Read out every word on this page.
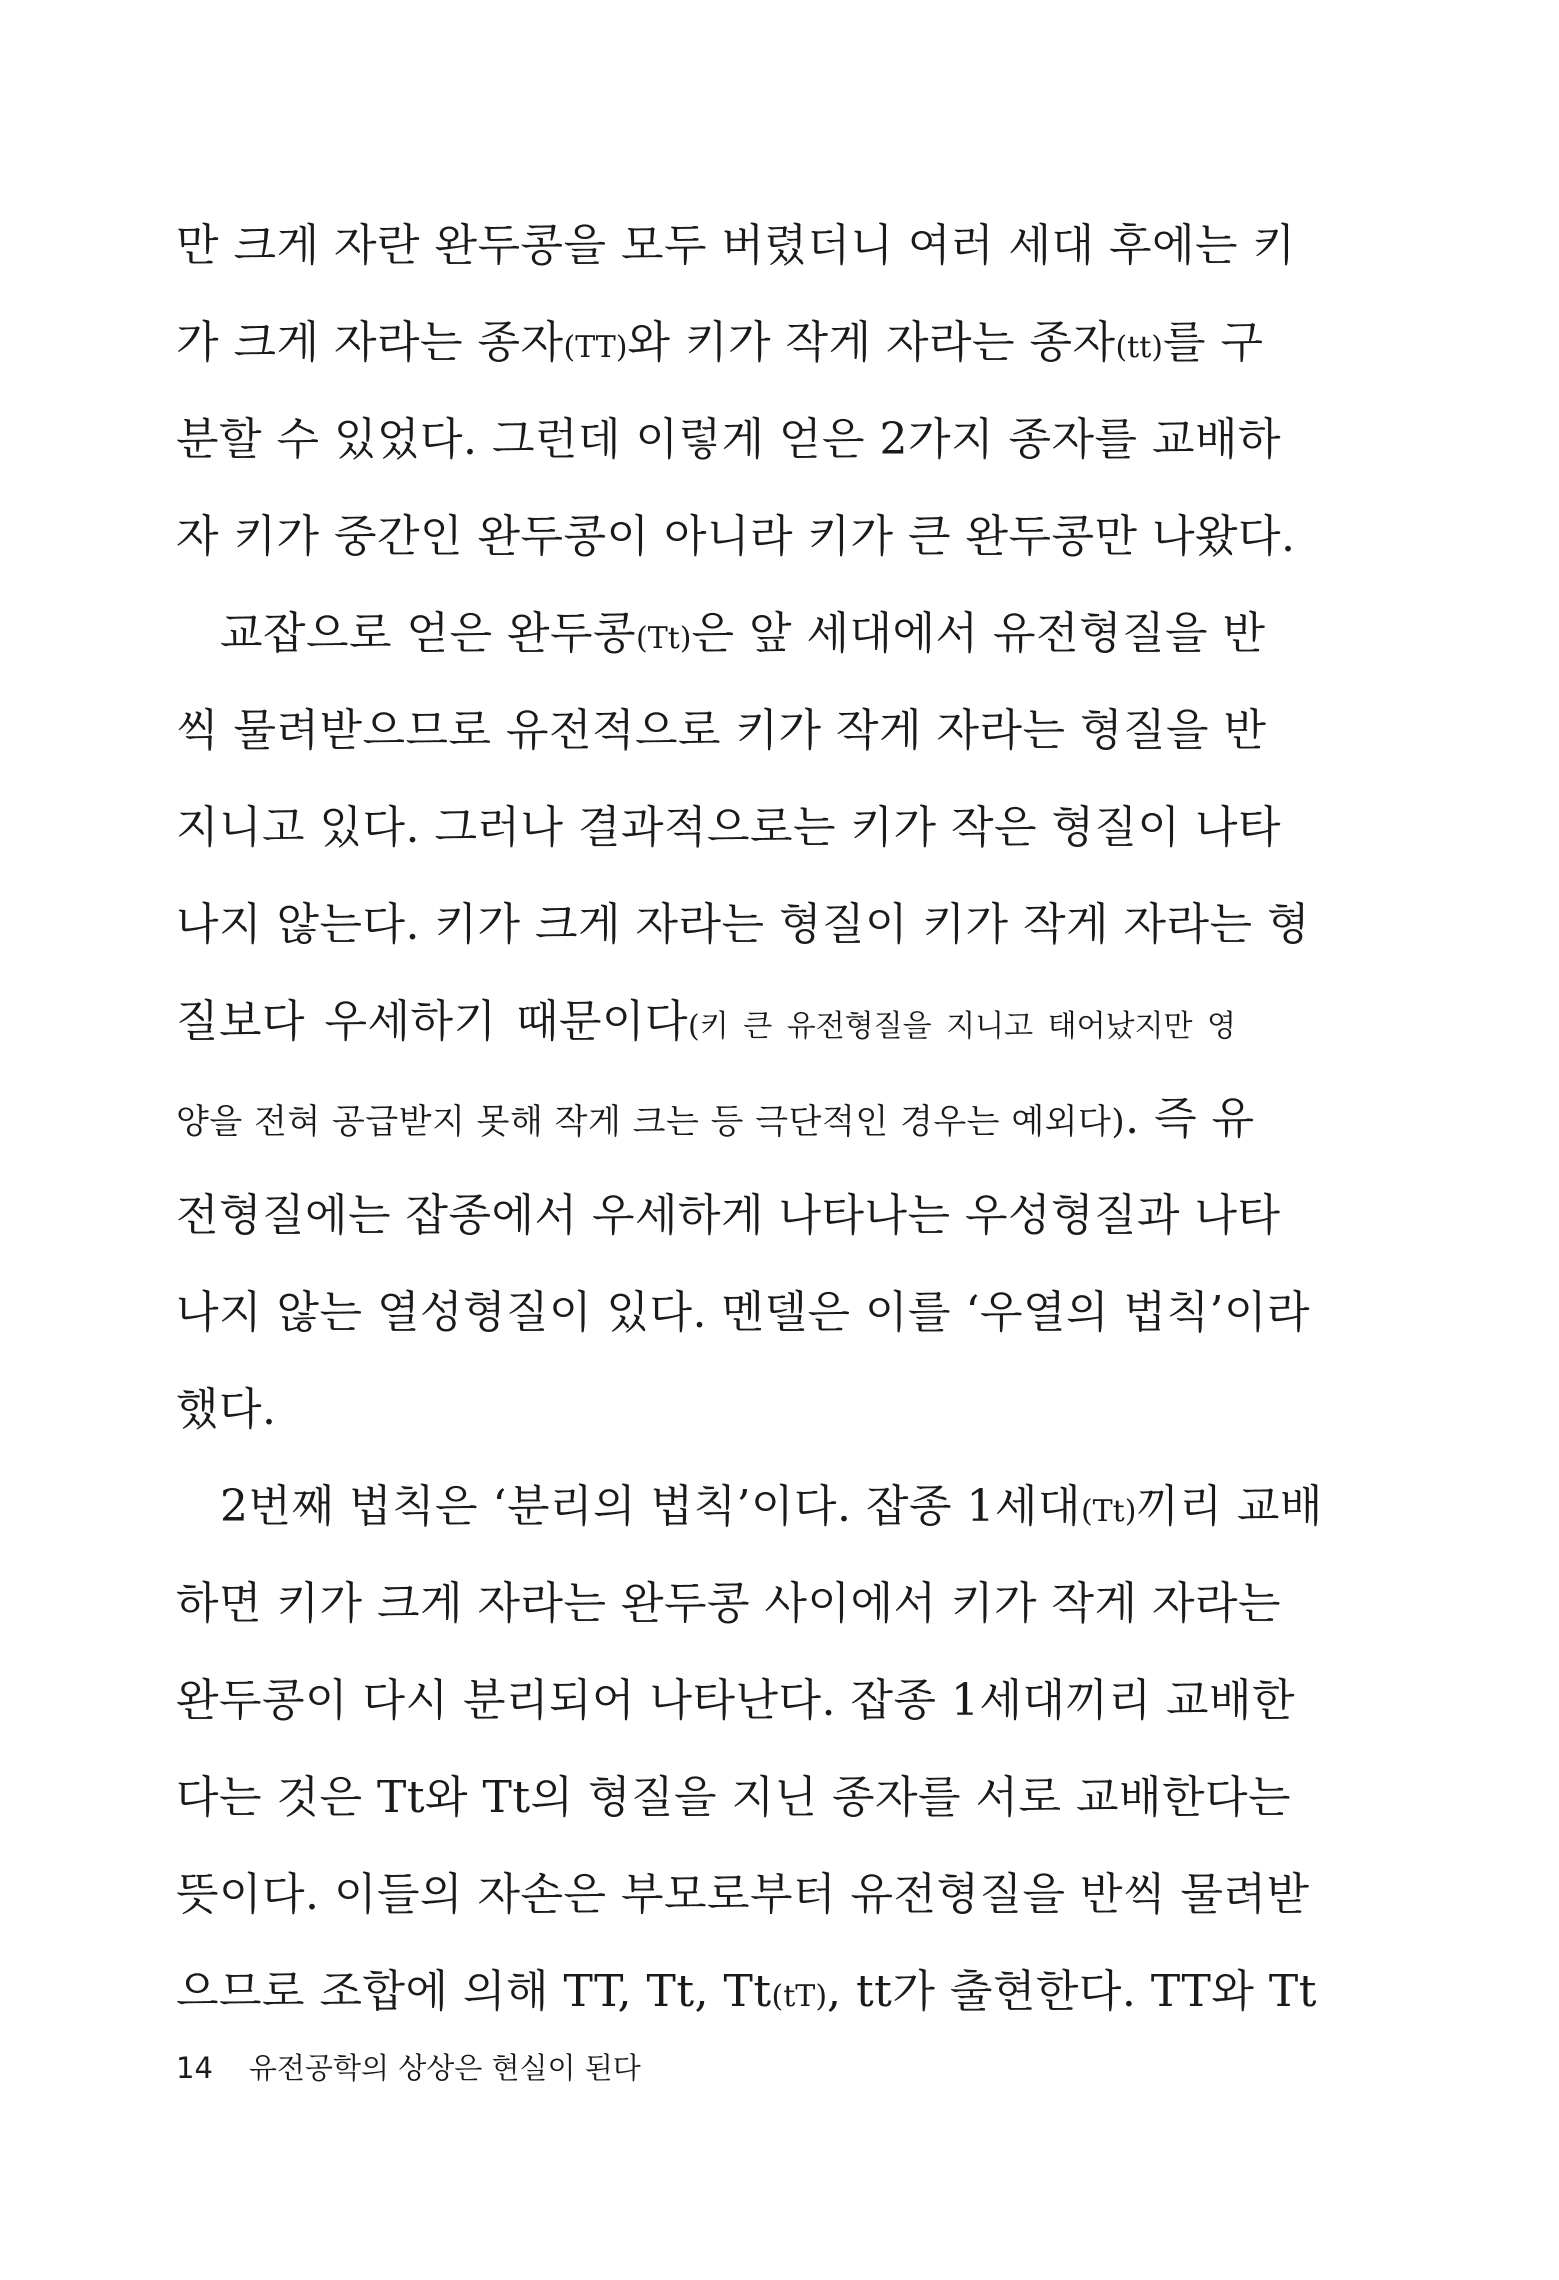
만 크게 자란 완두콩을 모두 버렸더니 여러 세대 후에는 키
가 크게 자라는 종자(TT)와 키가 작게 자라는 종자(tt)를 구
분할 수 있었다. 그런데 이렇게 얻은 2가지 종자를 교배하
자 키가 중간인 완두콩이 아니라 키가 큰 완두콩만 나왔다.
교잡으로 얻은 완두콩(Tt)은 앞 세대에서 유전형질을 반
씩 물려받으므로 유전적으로 키가 작게 자라는 형질을 반
지니고 있다. 그러나 결과적으로는 키가 작은 형질이 나타
나지 않는다. 키가 크게 자라는 형질이 키가 작게 자라는 형
질보다 우세하기 때문이다(키 큰 유전형질을 지니고 태어났지만 영
양을 전혀 공급받지 못해 작게 크는 등 극단적인 경우는 예외다). 즉 유
전형질에는 잡종에서 우세하게 나타나는 우성형질과 나타
나지 않는 열성형질이 있다. 멘델은 이를 ‘우열의 법칙’이라
했다.
2번째 법칙은 ‘분리의 법칙’이다. 잡종 1세대(Tt)끼리 교배
하면 키가 크게 자라는 완두콩 사이에서 키가 작게 자라는
완두콩이 다시 분리되어 나타난다. 잡종 1세대끼리 교배한
다는 것은 Tt와 Tt의 형질을 지닌 종자를 서로 교배한다는
뜻이다. 이들의 자손은 부모로부터 유전형질을 반씩 물려받
으므로 조합에 의해 TT, Tt, Tt(tT), tt가 출현한다. TT와 Tt
14 유전공학의 상상은 현실이 된다
